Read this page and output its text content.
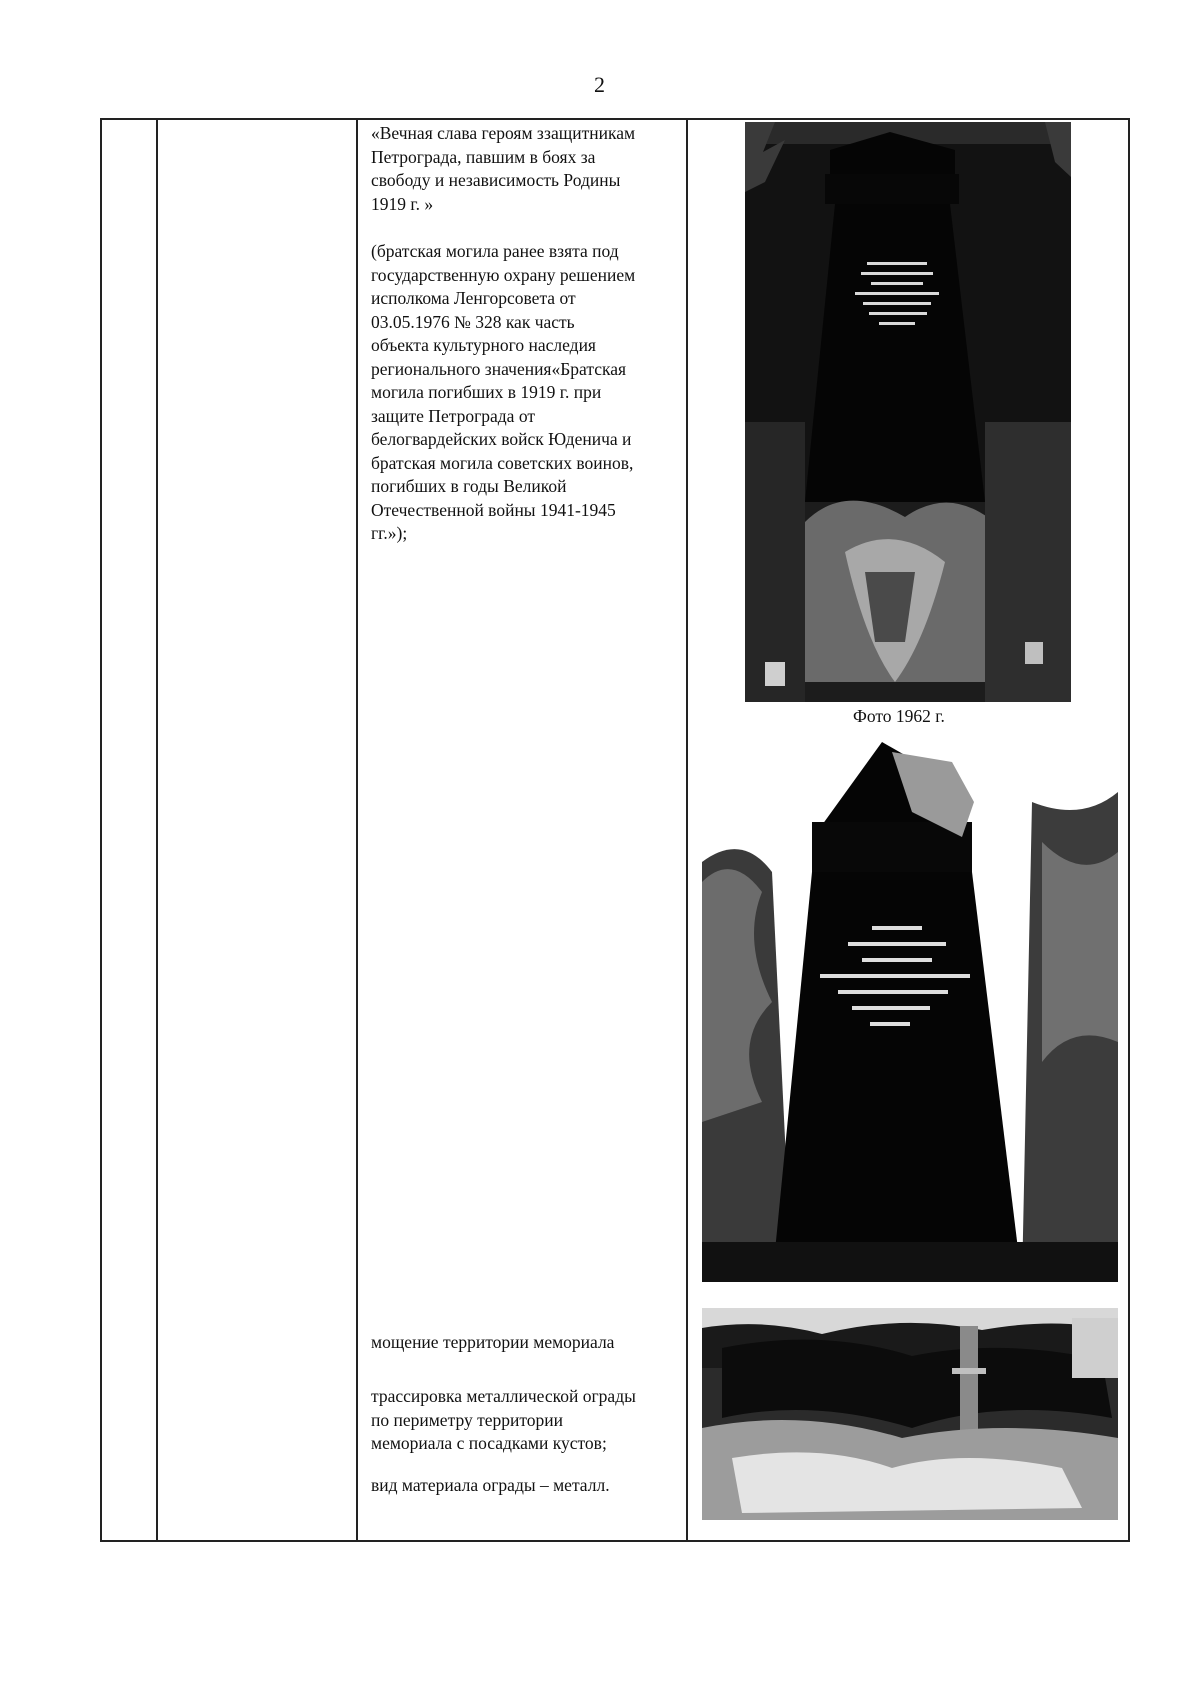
2
«Вечная слава героям ззащитникам
Петрограда, павшим в боях за
свободу и независимость Родины
1919 г. »
(братская могила ранее взята под
государственную охрану решением
исполкома Ленгорсовета от
03.05.1976 № 328 как часть
объекта культурного наследия
регионального значения«Братская
могила погибших в 1919 г. при
защите Петрограда от
белогвардейских войск Юденича и
братская могила советских воинов,
погибших в годы Великой
Отечественной войны 1941-1945
гг.»);
мощение территории мемориала
трассировка металлической ограды
по периметру территории
мемориала с посадками кустов;
вид материала ограды – металл.
Фото 1962 г.
